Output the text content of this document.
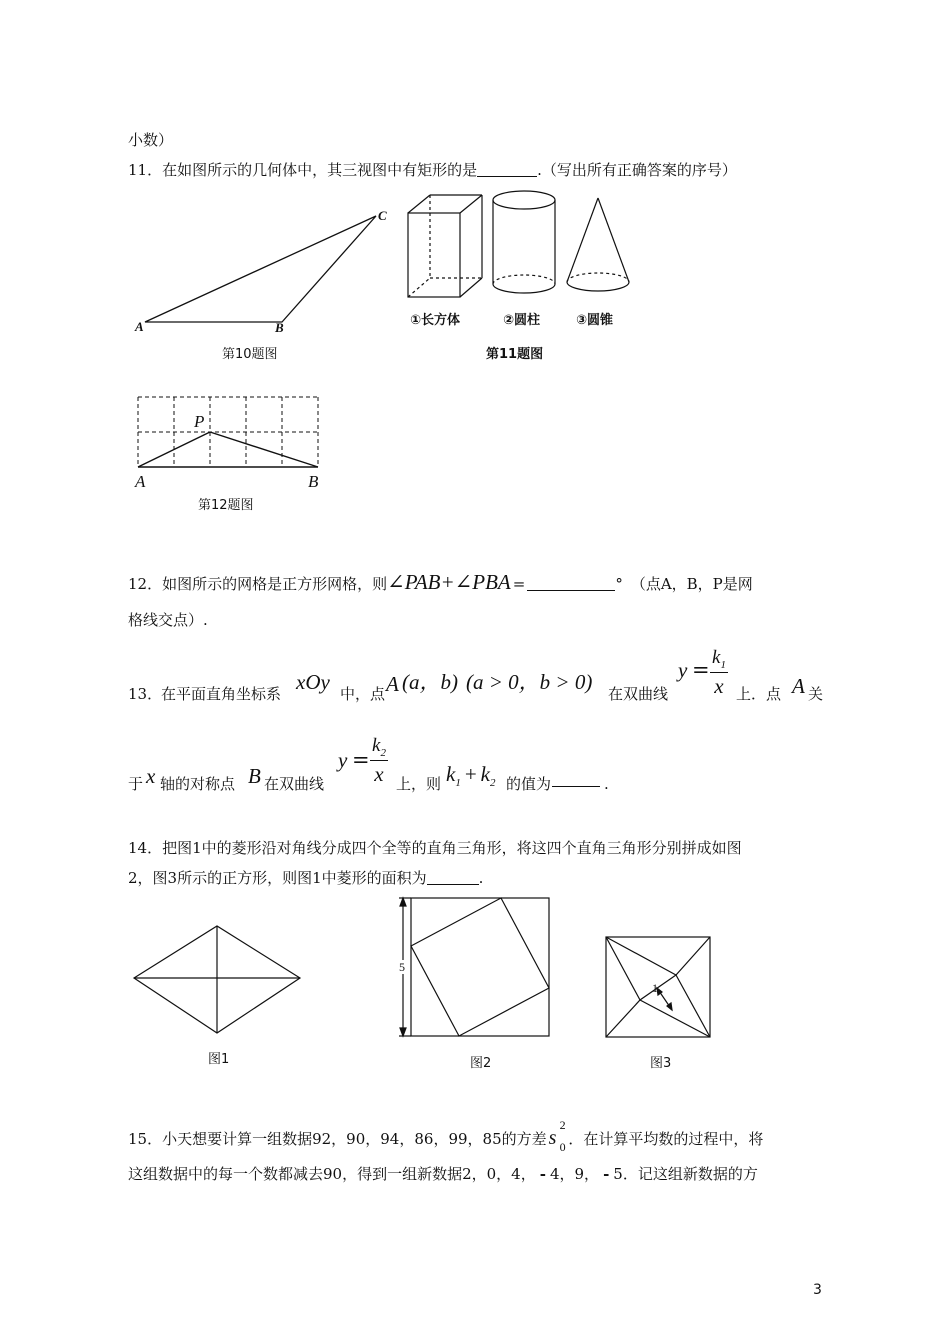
小数）
11．在如图所示的几何体中，其三视图中有矩形的是	.（写出所有正确答案的序号）
A	B
C
第10题图
①长方体	②圆柱	③圆锥
第11题图
P
A	B
第12题图
12．如图所示的网格是正方形网格，则∠PAB+∠PBA =	° （点A，B，P是网
格线交点）.
13．
在平面直角坐标系 xOy 中，点 A (a，b) (a > 0，b > 0) 在双曲线
$y = \frac{k_1}{x}$ 上．点 A 关
于 x 轴的对称点 B 在双曲线
$y = \frac{k_2}{x}$ 上，则 $k_1 + k_2$ 的值为	.
14．把图1中的菱形沿对角线分成四个全等的直角三角形，将这四个直角三角形分别拼成如图
2，图3所示的正方形，则图1中菱形的面积为	.
图1
5
图2
1
图3
15．小天想要计算一组数据92，90，94，86，99，85的方差 s
2
0 ．在计算平均数的过程中，将
这组数据中的每一个数都减去90，得到一组新数据2，0，4， - 4，9， - 5．记这组新数据的方
3
